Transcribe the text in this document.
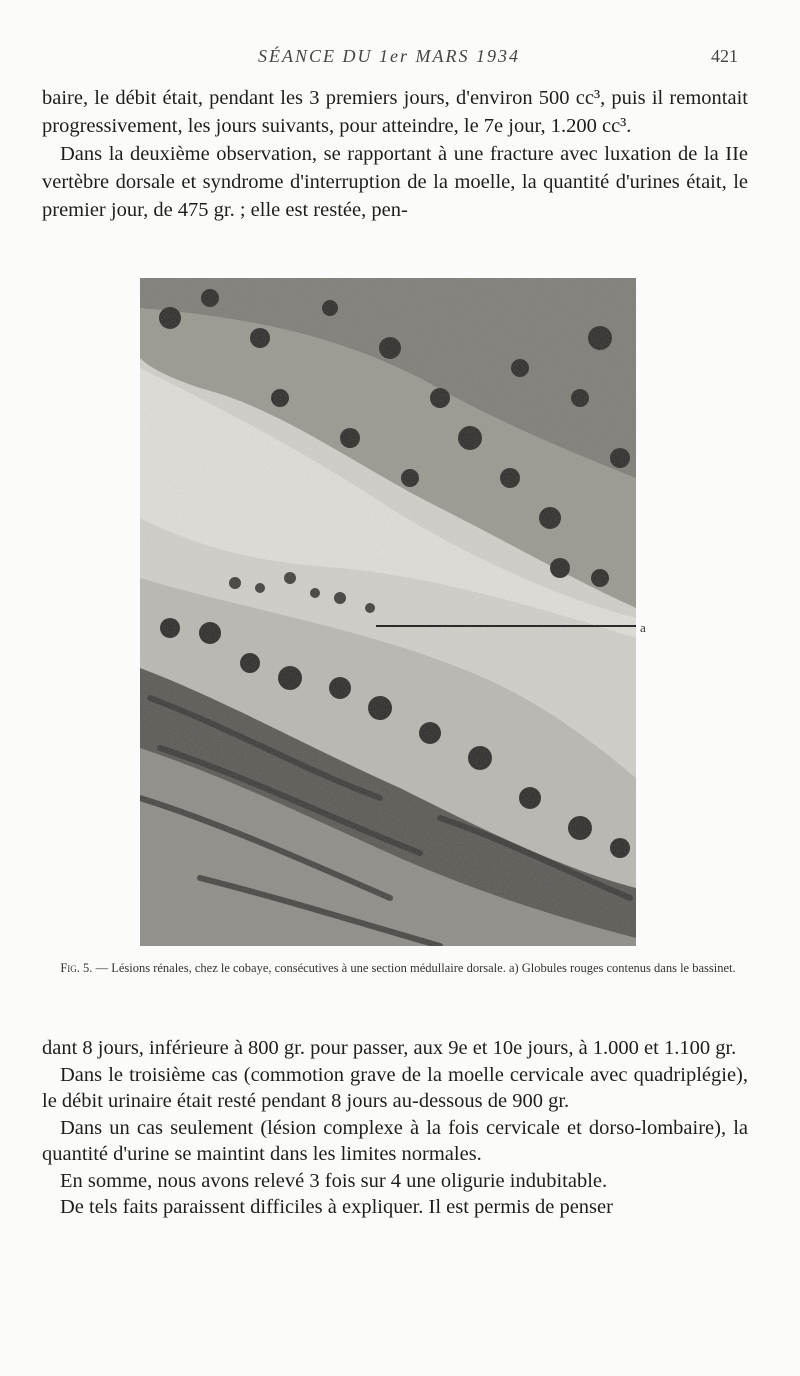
SÉANCE DU 1er MARS 1934	421

baire, le débit était, pendant les 3 premiers jours, d'environ 500 cc³, puis il remontait progressivement, les jours suivants, pour atteindre, le 7e jour, 1.200 cc³.

Dans la deuxième observation, se rapportant à une fracture avec luxation de la IIe vertèbre dorsale et syndrome d'interruption de la moelle, la quantité d'urines était, le premier jour, de 475 gr. ; elle est restée, pen-

a
Fig. 5. — Lésions rénales, chez le cobaye, consécutives à une section médullaire dorsale. a) Globules rouges contenus dans le bassinet.

dant 8 jours, inférieure à 800 gr. pour passer, aux 9e et 10e jours, à 1.000 et 1.100 gr.

Dans le troisième cas (commotion grave de la moelle cervicale avec quadriplégie), le débit urinaire était resté pendant 8 jours au-dessous de 900 gr.

Dans un cas seulement (lésion complexe à la fois cervicale et dorso-lombaire), la quantité d'urine se maintint dans les limites normales.

En somme, nous avons relevé 3 fois sur 4 une oligurie indubitable.

De tels faits paraissent difficiles à expliquer. Il est permis de penser
